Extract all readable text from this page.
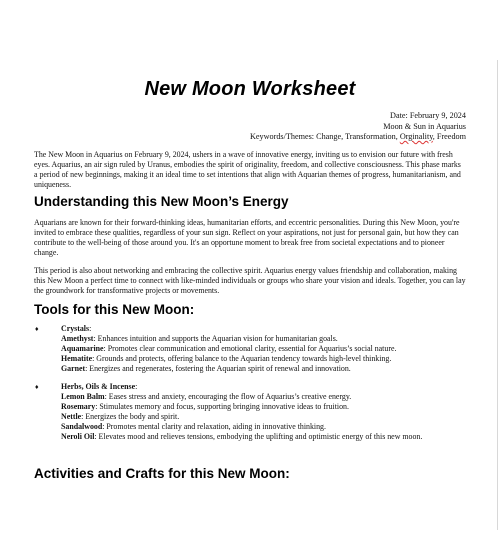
New Moon Worksheet
Date: February 9, 2024
Moon & Sun in Aquarius
Keywords/Themes: Change, Transformation, Orginality, Freedom

The New Moon in Aquarius on February 9, 2024, ushers in a wave of innovative energy, inviting us to envision our future with fresh eyes. Aquarius, an air sign ruled by Uranus, embodies the spirit of originality, freedom, and collective consciousness. This phase marks a period of new beginnings, making it an ideal time to set intentions that align with Aquarian themes of progress, humanitarianism, and uniqueness.

Understanding this New Moon’s Energy

Aquarians are known for their forward-thinking ideas, humanitarian efforts, and eccentric personalities. During this New Moon, you're invited to embrace these qualities, regardless of your sun sign. Reflect on your aspirations, not just for personal gain, but how they can contribute to the well-being of those around you. It's an opportune moment to break free from societal expectations and to pioneer change.

This period is also about networking and embracing the collective spirit. Aquarius energy values friendship and collaboration, making this New Moon a perfect time to connect with like-minded individuals or groups who share your vision and ideals. Together, you can lay the groundwork for transformative projects or movements.

Tools for this New Moon:
♦	Crystals:
Amethyst: Enhances intuition and supports the Aquarian vision for humanitarian goals.
Aquamarine: Promotes clear communication and emotional clarity, essential for Aquarius’s social nature.
Hematite: Grounds and protects, offering balance to the Aquarian tendency towards high-level thinking.
Garnet: Energizes and regenerates, fostering the Aquarian spirit of renewal and innovation.
♦	Herbs, Oils & Incense:
Lemon Balm: Eases stress and anxiety, encouraging the flow of Aquarius’s creative energy.
Rosemary: Stimulates memory and focus, supporting bringing innovative ideas to fruition.
Nettle: Energizes the body and spirit.
Sandalwood: Promotes mental clarity and relaxation, aiding in innovative thinking.
Neroli Oil: Elevates mood and relieves tensions, embodying the uplifting and optimistic energy of this new moon.
Activities and Crafts for this New Moon:
